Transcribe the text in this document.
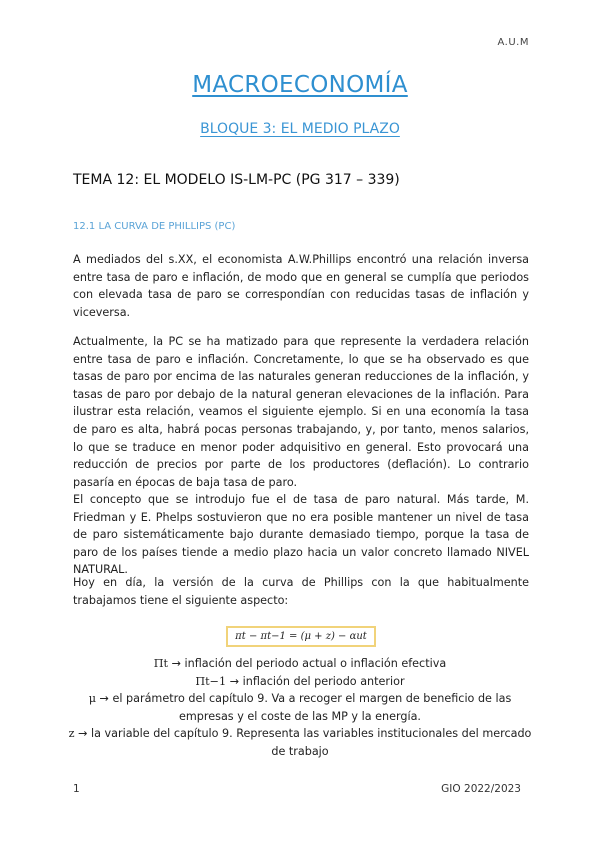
A.U.M
MACROECONOMÍA
BLOQUE 3: EL MEDIO PLAZO
TEMA 12: EL MODELO IS-LM-PC (PG 317 – 339)
12.1 LA CURVA DE PHILLIPS (PC)

A mediados del s.XX, el economista A.W.Phillips encontró una relación inversa entre tasa de paro e inflación, de modo que en general se cumplía que periodos con elevada tasa de paro se correspondían con reducidas tasas de inflación y viceversa.

Actualmente, la PC se ha matizado para que represente la verdadera relación entre tasa de paro e inflación. Concretamente, lo que se ha observado es que tasas de paro por encima de las naturales generan reducciones de la inflación, y tasas de paro por debajo de la natural generan elevaciones de la inflación. Para ilustrar esta relación, veamos el siguiente ejemplo. Si en una economía la tasa de paro es alta, habrá pocas personas trabajando, y, por tanto, menos salarios, lo que se traduce en menor poder adquisitivo en general. Esto provocará una reducción de precios por parte de los productores (deflación). Lo contrario pasaría en épocas de baja tasa de paro.

El concepto que se introdujo fue el de tasa de paro natural. Más tarde, M. Friedman y E. Phelps sostuvieron que no era posible mantener un nivel de tasa de paro sistemáticamente bajo durante demasiado tiempo, porque la tasa de paro de los países tiende a medio plazo hacia un valor concreto llamado NIVEL NATURAL.

Hoy en día, la versión de la curva de Phillips con la que habitualmente trabajamos tiene el siguiente aspecto:

πt − πt−1 = (μ + z) − αut
Πt → inflación del periodo actual o inflación efectiva
Πt−1 → inflación del periodo anterior
μ → el parámetro del capítulo 9. Va a recoger el margen de beneficio de las empresas y el coste de las MP y la energía.
z → la variable del capítulo 9. Representa las variables institucionales del mercado de trabajo
1	GIO 2022/2023
